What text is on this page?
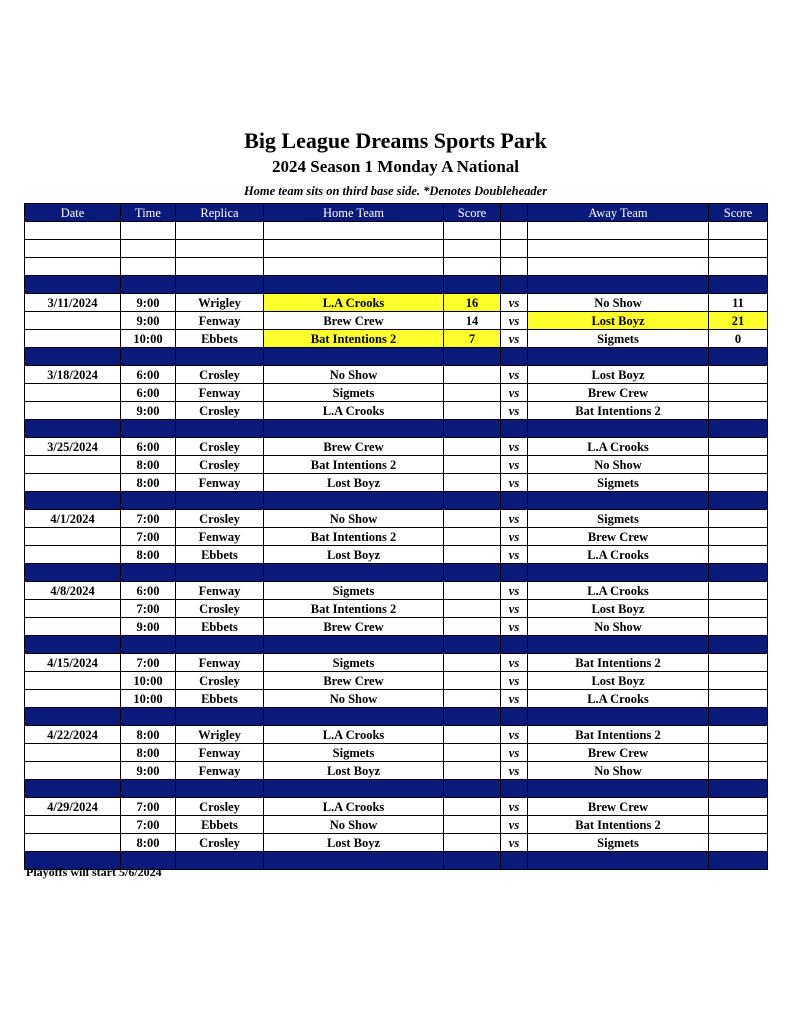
Big League Dreams Sports Park
2024 Season 1 Monday A National
Home team sits on third base side. *Denotes Doubleheader
Date	Time	Replica	Home Team	Score		Away Team	Score

3/11/2024	9:00	Wrigley	L.A Crooks	16	vs	No Show	11
	9:00	Fenway	Brew Crew	14	vs	Lost Boyz	21
	10:00	Ebbets	Bat Intentions 2	7	vs	Sigmets	0

3/18/2024	6:00	Crosley	No Show		vs	Lost Boyz	
	6:00	Fenway	Sigmets		vs	Brew Crew	
	9:00	Crosley	L.A Crooks		vs	Bat Intentions 2	

3/25/2024	6:00	Crosley	Brew Crew		vs	L.A Crooks	
	8:00	Crosley	Bat Intentions 2		vs	No Show	
	8:00	Fenway	Lost Boyz		vs	Sigmets	

4/1/2024	7:00	Crosley	No Show		vs	Sigmets	
	7:00	Fenway	Bat Intentions 2		vs	Brew Crew	
	8:00	Ebbets	Lost Boyz		vs	L.A Crooks	

4/8/2024	6:00	Fenway	Sigmets		vs	L.A Crooks	
	7:00	Crosley	Bat Intentions 2		vs	Lost Boyz	
	9:00	Ebbets	Brew Crew		vs	No Show	

4/15/2024	7:00	Fenway	Sigmets		vs	Bat Intentions 2	
	10:00	Crosley	Brew Crew		vs	Lost Boyz	
	10:00	Ebbets	No Show		vs	L.A Crooks	

4/22/2024	8:00	Wrigley	L.A Crooks		vs	Bat Intentions 2	
	8:00	Fenway	Sigmets		vs	Brew Crew	
	9:00	Fenway	Lost Boyz		vs	No Show	

4/29/2024	7:00	Crosley	L.A Crooks		vs	Brew Crew	
	7:00	Ebbets	No Show		vs	Bat Intentions 2	
	8:00	Crosley	Lost Boyz		vs	Sigmets	

Playoffs will start 5/6/2024
